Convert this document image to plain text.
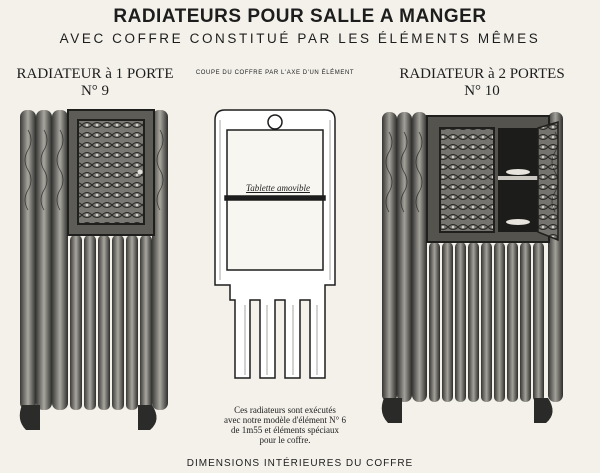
RADIATEURS POUR SALLE A MANGER
AVEC COFFRE CONSTITUÉ PAR LES ÉLÉMENTS MÊMES
RADIATEUR à 1 PORTE
N° 9
RADIATEUR à 2 PORTES
N° 10
COUPE DU COFFRE PAR L'AXE D'UN ÉLÉMENT
Tablette amovible
Ces radiateurs sont exécutés
avec notre modèle d'élément N° 6
de 1m55 et éléments spéciaux
pour le coffre.
DIMENSIONS INTÉRIEURES DU COFFRE
